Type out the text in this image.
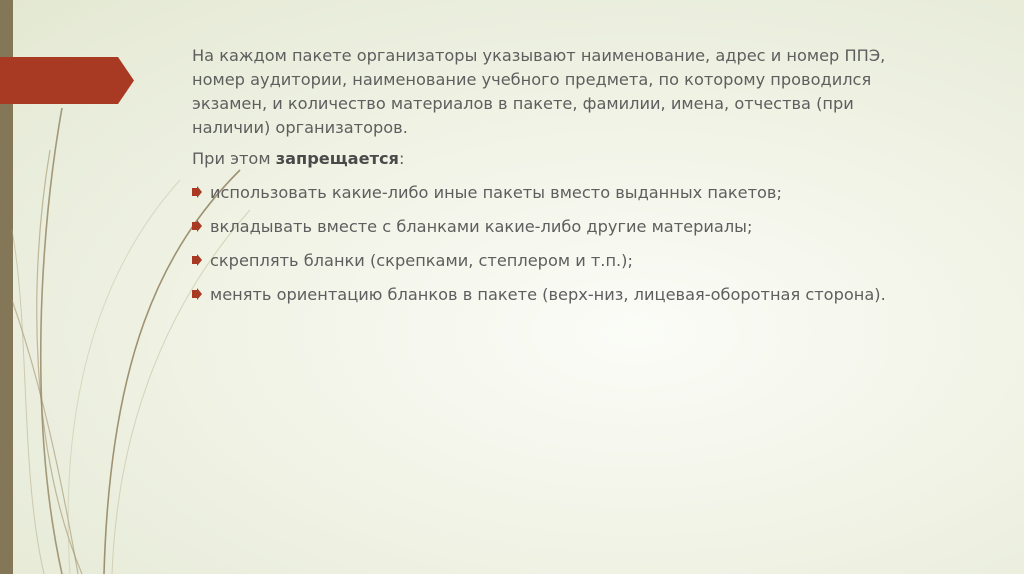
На каждом пакете организаторы указывают наименование, адрес и номер ППЭ, номер аудитории, наименование учебного предмета, по которому проводился экзамен, и количество материалов в пакете, фамилии, имена, отчества (при наличии) организаторов.

При этом запрещается:

использовать какие-либо иные пакеты вместо выданных пакетов;
вкладывать вместе с бланками какие-либо другие материалы;
скреплять бланки (скрепками, степлером и т.п.);
менять ориентацию бланков в пакете (верх-низ, лицевая-оборотная сторона).
